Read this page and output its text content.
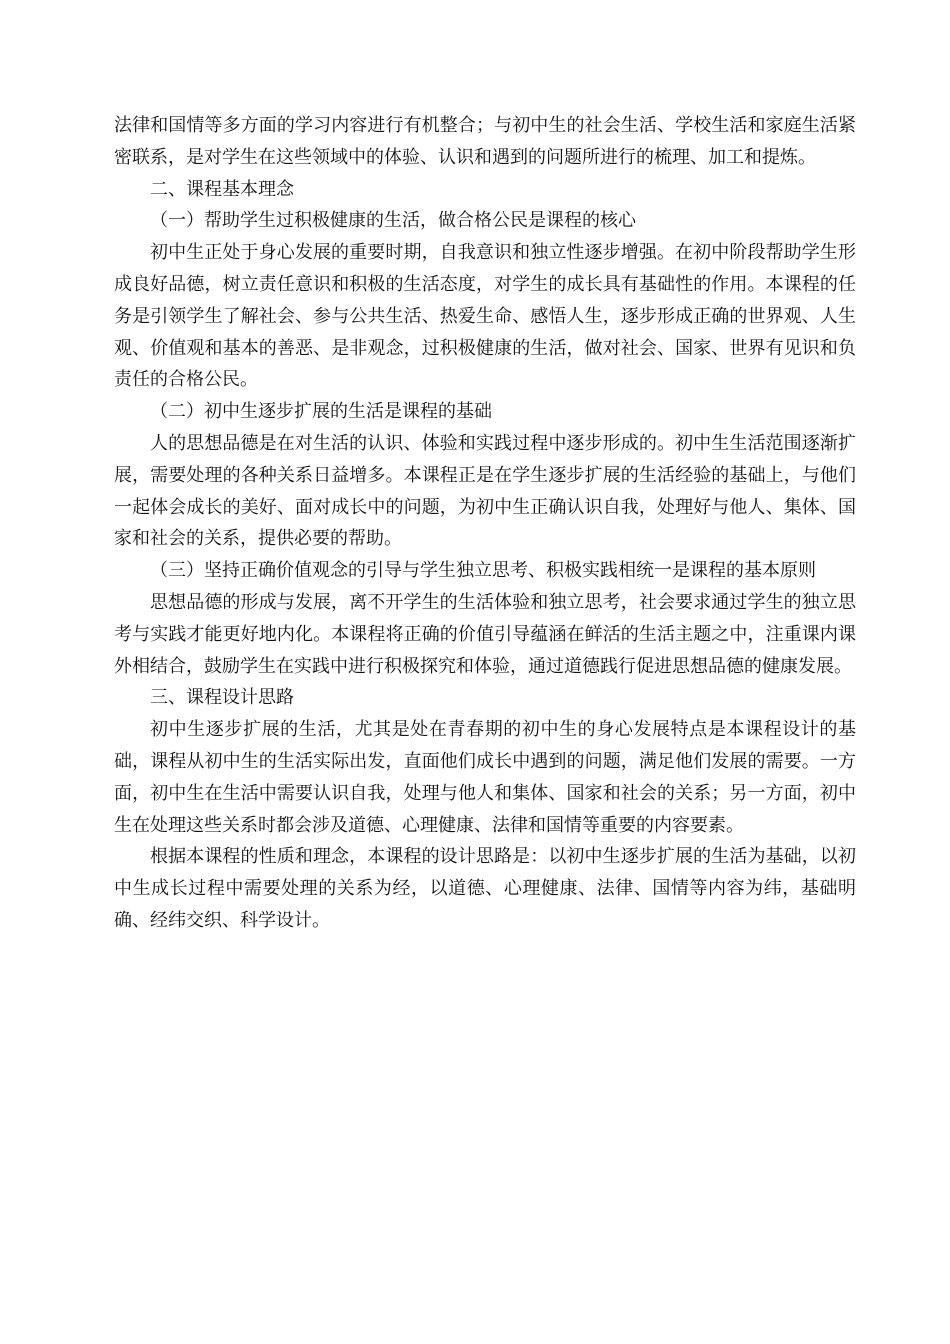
法律和国情等多方面的学习内容进行有机整合；与初中生的社会生活、学校生活和家庭生活紧密联系，是对学生在这些领域中的体验、认识和遇到的问题所进行的梳理、加工和提炼。

二、课程基本理念

（一）帮助学生过积极健康的生活，做合格公民是课程的核心

初中生正处于身心发展的重要时期，自我意识和独立性逐步增强。在初中阶段帮助学生形成良好品德，树立责任意识和积极的生活态度，对学生的成长具有基础性的作用。本课程的任务是引领学生了解社会、参与公共生活、热爱生命、感悟人生，逐步形成正确的世界观、人生观、价值观和基本的善恶、是非观念，过积极健康的生活，做对社会、国家、世界有见识和负责任的合格公民。

（二）初中生逐步扩展的生活是课程的基础

人的思想品德是在对生活的认识、体验和实践过程中逐步形成的。初中生生活范围逐渐扩展，需要处理的各种关系日益增多。本课程正是在学生逐步扩展的生活经验的基础上，与他们一起体会成长的美好、面对成长中的问题，为初中生正确认识自我，处理好与他人、集体、国家和社会的关系，提供必要的帮助。

（三）坚持正确价值观念的引导与学生独立思考、积极实践相统一是课程的基本原则

思想品德的形成与发展，离不开学生的生活体验和独立思考，社会要求通过学生的独立思考与实践才能更好地内化。本课程将正确的价值引导蕴涵在鲜活的生活主题之中，注重课内课外相结合，鼓励学生在实践中进行积极探究和体验，通过道德践行促进思想品德的健康发展。

三、课程设计思路

初中生逐步扩展的生活，尤其是处在青春期的初中生的身心发展特点是本课程设计的基础，课程从初中生的生活实际出发，直面他们成长中遇到的问题，满足他们发展的需要。一方面，初中生在生活中需要认识自我，处理与他人和集体、国家和社会的关系；另一方面，初中生在处理这些关系时都会涉及道德、心理健康、法律和国情等重要的内容要素。

根据本课程的性质和理念，本课程的设计思路是：以初中生逐步扩展的生活为基础，以初中生成长过程中需要处理的关系为经，以道德、心理健康、法律、国情等内容为纬，基础明确、经纬交织、科学设计。
